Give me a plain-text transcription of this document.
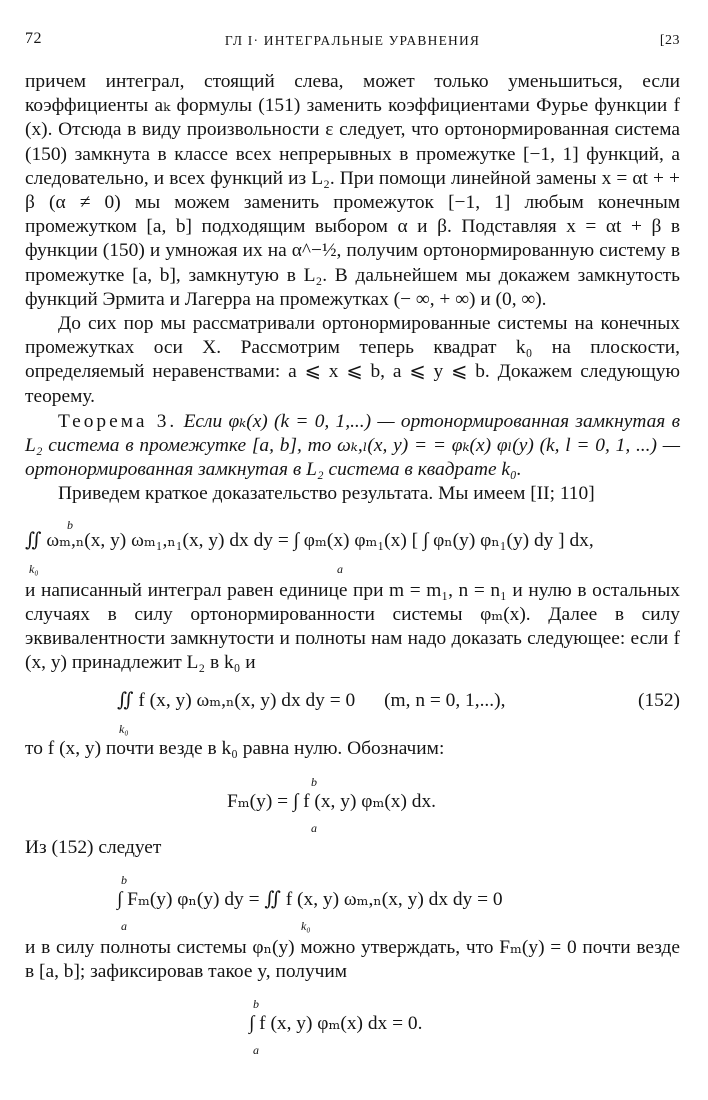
72	ГЛ I· ИНТЕГРАЛЬНЫЕ УРАВНЕНИЯ	[23

причем интеграл, стоящий слева, может только уменьшиться, если коэффициенты aₖ формулы (151) заменить коэффициентами Фурье функции f (x). Отсюда в виду произвольности ε следует, что ортонормированная система (150) замкнута в классе всех непрерывных в промежутке [−1, 1] функций, а следовательно, и всех функций из L₂. При помощи линейной замены x = αt + + β (α ≠ 0) мы можем заменить промежуток [−1, 1] любым конечным промежутком [a, b] подходящим выбором α и β. Подставляя x = αt + β в функции (150) и умножая их на α^−½, получим ортонормированную систему в промежутке [a, b], замкнутую в L₂. В дальнейшем мы докажем замкнутость функций Эрмита и Лагерра на промежутках (− ∞, + ∞) и (0, ∞).

До сих пор мы рассматривали ортонормированные системы на конечных промежутках оси X. Рассмотрим теперь квадрат k₀ на плоскости, определяемый неравенствами: a ⩽ x ⩽ b, a ⩽ y ⩽ b. Докажем следующую теорему.

Теорема 3. Если φₖ(x) (k = 0, 1,...) — ортонормированная замкнутая в L₂ система в промежутке [a, b], то ωₖ,ₗ(x, y) = = φₖ(x) φₗ(y) (k, l = 0, 1, ...) — ортонормированная замкнутая в L₂ система в квадрате k₀.

Приведем краткое доказательство результата. Мы имеем [II; 110]

b
∬ ωₘ,ₙ(x, y) ωₘ₁,ₙ₁(x, y) dx dy = ∫ φₘ(x) φₘ₁(x) [ ∫ φₙ(y) φₙ₁(y) dy ] dx,
k₀	a

и написанный интеграл равен единице при m = m₁, n = n₁ и нулю в остальных случаях в силу ортонормированности системы φₘ(x). Далее в силу эквивалентности замкнутости и полноты нам надо доказать следующее: если f (x, y) принадлежит L₂ в k₀ и

∬ f (x, y) ωₘ,ₙ(x, y) dx dy = 0 (m, n = 0, 1,...),	(152)
k₀

то f (x, y) почти везде в k₀ равна нулю. Обозначим:

b
Fₘ(y) = ∫ f (x, y) φₘ(x) dx.
a

Из (152) следует

b
∫ Fₘ(y) φₙ(y) dy = ∬ f (x, y) ωₘ,ₙ(x, y) dx dy = 0
a	k₀

и в силу полноты системы φₙ(y) можно утверждать, что Fₘ(y) = 0 почти везде в [a, b]; зафиксировав такое y, получим

b
∫ f (x, y) φₘ(x) dx = 0.
a
